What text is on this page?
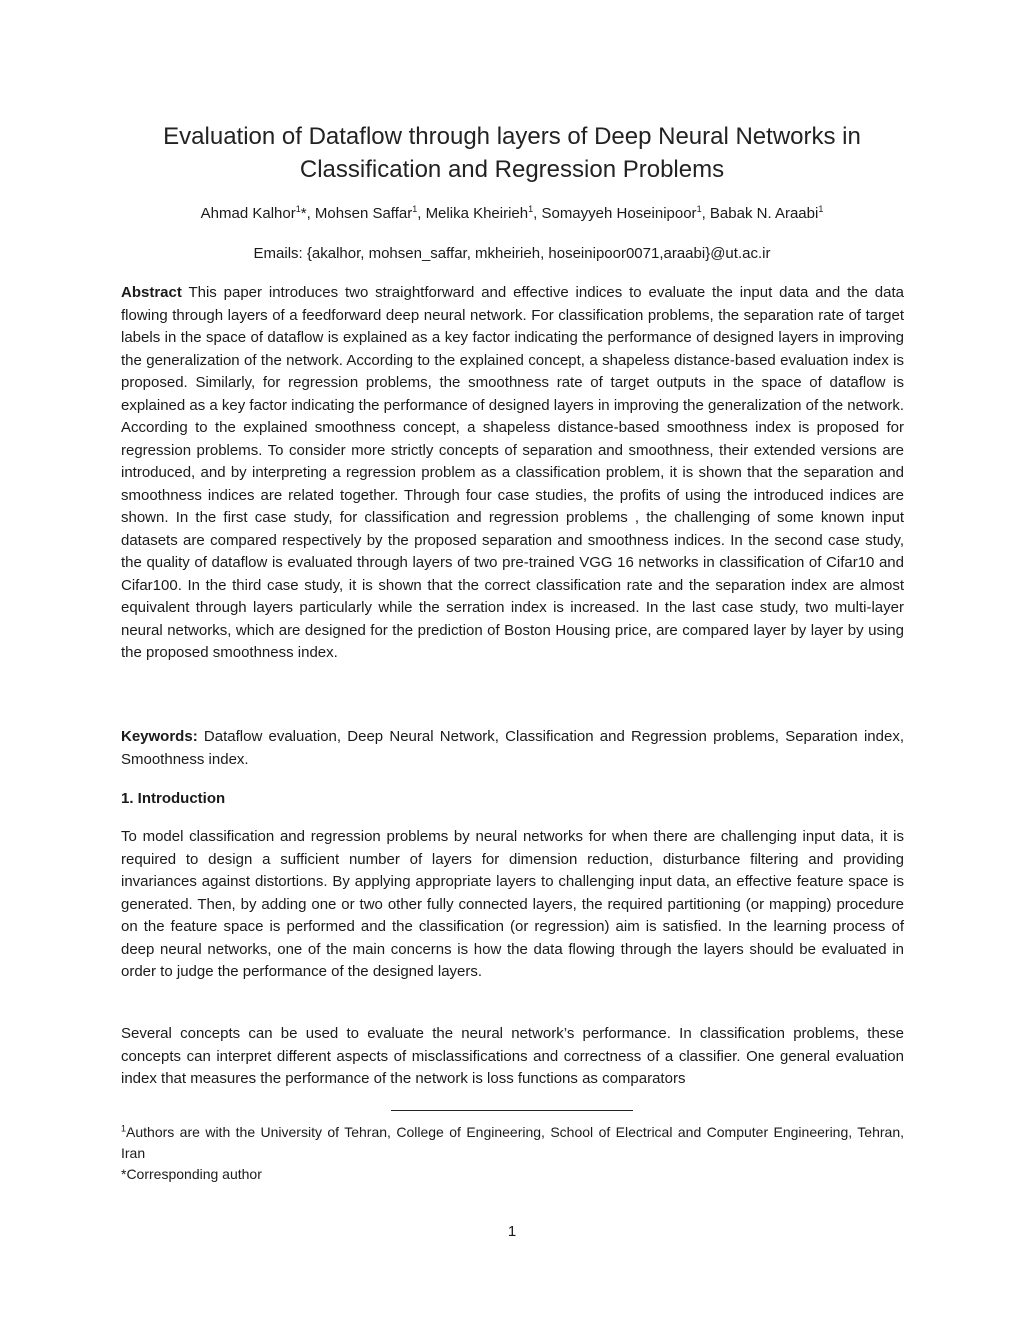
Evaluation of Dataflow through layers of Deep Neural Networks in
Classification and Regression Problems
Ahmad Kalhor$^1$*, Mohsen Saffar$^1$, Melika Kheirieh$^1$, Somayyeh Hoseinipoor$^1$, Babak N. Araabi$^1$
Emails: {akalhor, mohsen_saffar, mkheirieh, hoseinipoor0071,araabi}@ut.ac.ir

Abstract This paper introduces two straightforward and effective indices to evaluate the input data and the data flowing through layers of a feedforward deep neural network. For classification problems, the separation rate of target labels in the space of dataflow is explained as a key factor indicating the performance of designed layers in improving the generalization of the network. According to the explained concept, a shapeless distance-based evaluation index is proposed. Similarly, for regression problems, the smoothness rate of target outputs in the space of dataflow is explained as a key factor indicating the performance of designed layers in improving the generalization of the network. According to the explained smoothness concept, a shapeless distance-based smoothness index is proposed for regression problems. To consider more strictly concepts of separation and smoothness, their extended versions are introduced, and by interpreting a regression problem as a classification problem, it is shown that the separation and smoothness indices are related together. Through four case studies, the profits of using the introduced indices are shown. In the first case study, for classification and regression problems , the challenging of some known input datasets are compared respectively by the proposed separation and smoothness indices. In the second case study, the quality of dataflow is evaluated through layers of two pre-trained VGG 16 networks in classification of Cifar10 and Cifar100. In the third case study, it is shown that the correct classification rate and the separation index are almost equivalent through layers particularly while the serration index is increased. In the last case study, two multi-layer neural networks, which are designed for the prediction of Boston Housing price, are compared layer by layer by using the proposed smoothness index.

Keywords: Dataflow evaluation, Deep Neural Network, Classification and Regression problems, Separation index, Smoothness index.

1. Introduction

To model classification and regression problems by neural networks for when there are challenging input data, it is required to design a sufficient number of layers for dimension reduction, disturbance filtering and providing invariances against distortions. By applying appropriate layers to challenging input data, an effective feature space is generated. Then, by adding one or two other fully connected layers, the required partitioning (or mapping) procedure on the feature space is performed and the classification (or regression) aim is satisfied. In the learning process of deep neural networks, one of the main concerns is how the data flowing through the layers should be evaluated in order to judge the performance of the designed layers.

Several concepts can be used to evaluate the neural network’s performance. In classification problems, these concepts can interpret different aspects of misclassifications and correctness of a classifier. One general evaluation index that measures the performance of the network is loss functions as comparators

$^1$Authors are with the University of Tehran, College of Engineering, School of Electrical and Computer Engineering, Tehran, Iran
*Corresponding author
1
